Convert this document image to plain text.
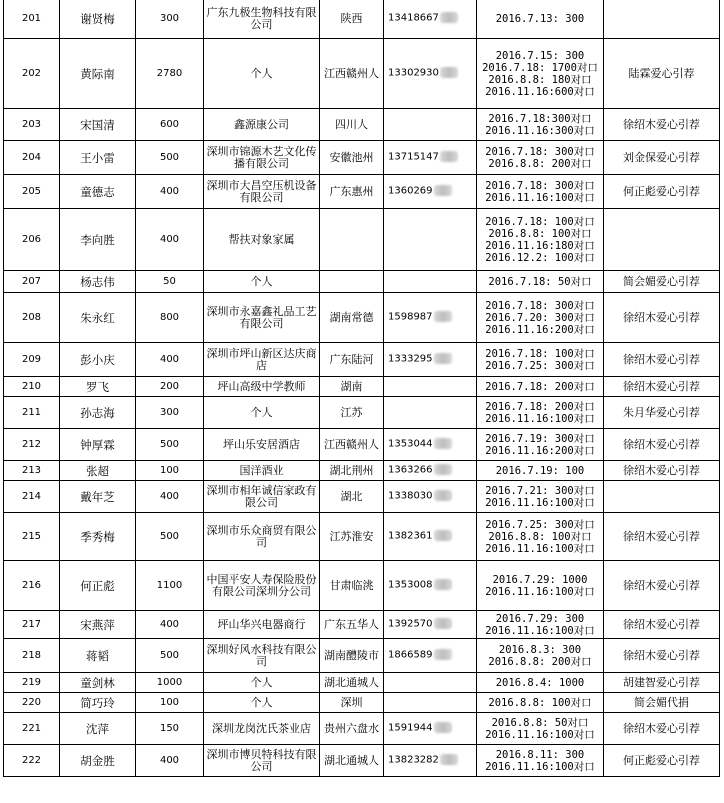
201	谢贤梅	300	广东九极生物科技有限公司	陕西	13418667	2016.7.13: 300	

202	黄际南	2780	个人	江西赣州人	13302930	2016.7.15: 300
2016.7.18: 1700对口
2016.8.8: 180对口
2016.11.16:600对口	陆霖爱心引荐
203	宋国清	600	鑫源康公司	四川人		2016.7.18:300对口
2016.11.16:300对口	徐绍木爱心引荐
204	王小雷	500	深圳市锦源木艺文化传播有限公司	安徽池州	13715147	2016.7.18: 300对口
2016.8.8: 200对口	刘金保爱心引荐
205	童德志	400	深圳市大昌空压机设备有限公司	广东惠州	1360269	2016.7.18: 300对口
2016.11.16:100对口	何正彪爱心引荐
206	李向胜	400	帮扶对象家属			2016.7.18: 100对口
2016.8.8: 100对口
2016.11.16:180对口
2016.12.2: 100对口	

207	杨志伟	50	个人			2016.7.18: 50对口	简会媚爱心引荐
208	朱永红	800	深圳市永嘉鑫礼品工艺有限公司	湖南常德	1598987	2016.7.18: 300对口
2016.7.20: 300对口
2016.11.16:200对口	徐绍木爱心引荐
209	彭小庆	400	深圳市坪山新区达庆商店	广东陆河	1333295	2016.7.18: 100对口
2016.7.25: 300对口	徐绍木爱心引荐
210	罗飞	200	坪山高级中学教师	湖南		2016.7.18: 200对口	徐绍木爱心引荐
211	孙志海	300	个人	江苏		2016.7.18: 200对口
2016.11.16:100对口	朱月华爱心引荐
212	钟厚霖	500	坪山乐安居酒店	江西赣州人	1353044	2016.7.19: 300对口
2016.11.16:200对口	徐绍木爱心引荐
213	张超	100	国洋酒业	湖北荆州	1363266	2016.7.19: 100	徐绍木爱心引荐
214	戴年芝	400	深圳市相年诚信家政有限公司	湖北	1338030	2016.7.21: 300对口
2016.11.16:100对口	

215	季秀梅	500	深圳市乐众商贸有限公司	江苏淮安	1382361	2016.7.25: 300对口
2016.8.8: 100对口
2016.11.16:100对口	徐绍木爱心引荐
216	何正彪	1100	中国平安人寿保险股份有限公司深圳分公司	甘肃临洮	1353008	2016.7.29: 1000
2016.11.16:100对口	徐绍木爱心引荐
217	宋燕萍	400	坪山华兴电器商行	广东五华人	1392570	2016.7.29: 300
2016.11.16:100对口	徐绍木爱心引荐
218	蒋韬	500	深圳好风水科技有限公司	湖南醴陵市	1866589	2016.8.3: 300
2016.8.8: 200对口	徐绍木爱心引荐
219	童剑林	1000	个人	湖北通城人		2016.8.4: 1000	胡建智爱心引荐
220	简巧玲	100	个人	深圳		2016.8.8: 100对口	简会媚代捐
221	沈萍	150	深圳龙岗沈氏茶业店	贵州六盘水	1591944	2016.8.8: 50对口
2016.11.16:100对口	徐绍木爱心引荐
222	胡金胜	400	深圳市博贝特科技有限公司	湖北通城人	13823282	2016.8.11: 300
2016.11.16:100对口	何正彪爱心引荐
